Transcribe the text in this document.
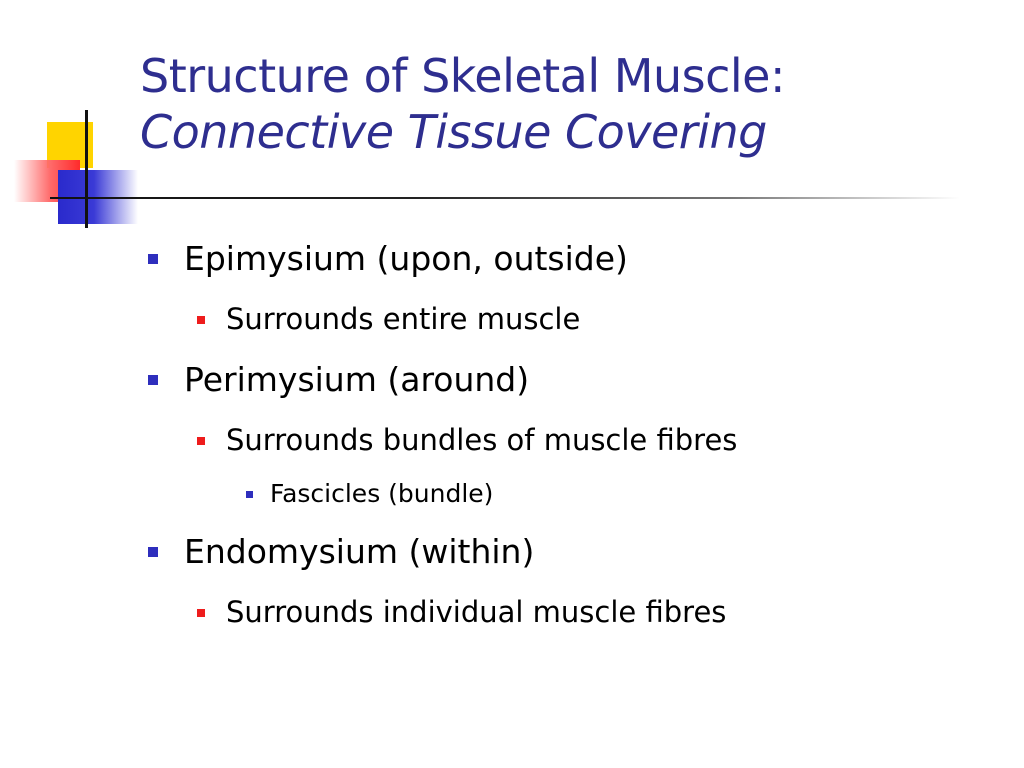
Structure of Skeletal Muscle:
Connective Tissue Covering
Epimysium (upon, outside)
Surrounds entire muscle
Perimysium (around)
Surrounds bundles of muscle fibres
Fascicles (bundle)
Endomysium (within)
Surrounds individual muscle fibres
